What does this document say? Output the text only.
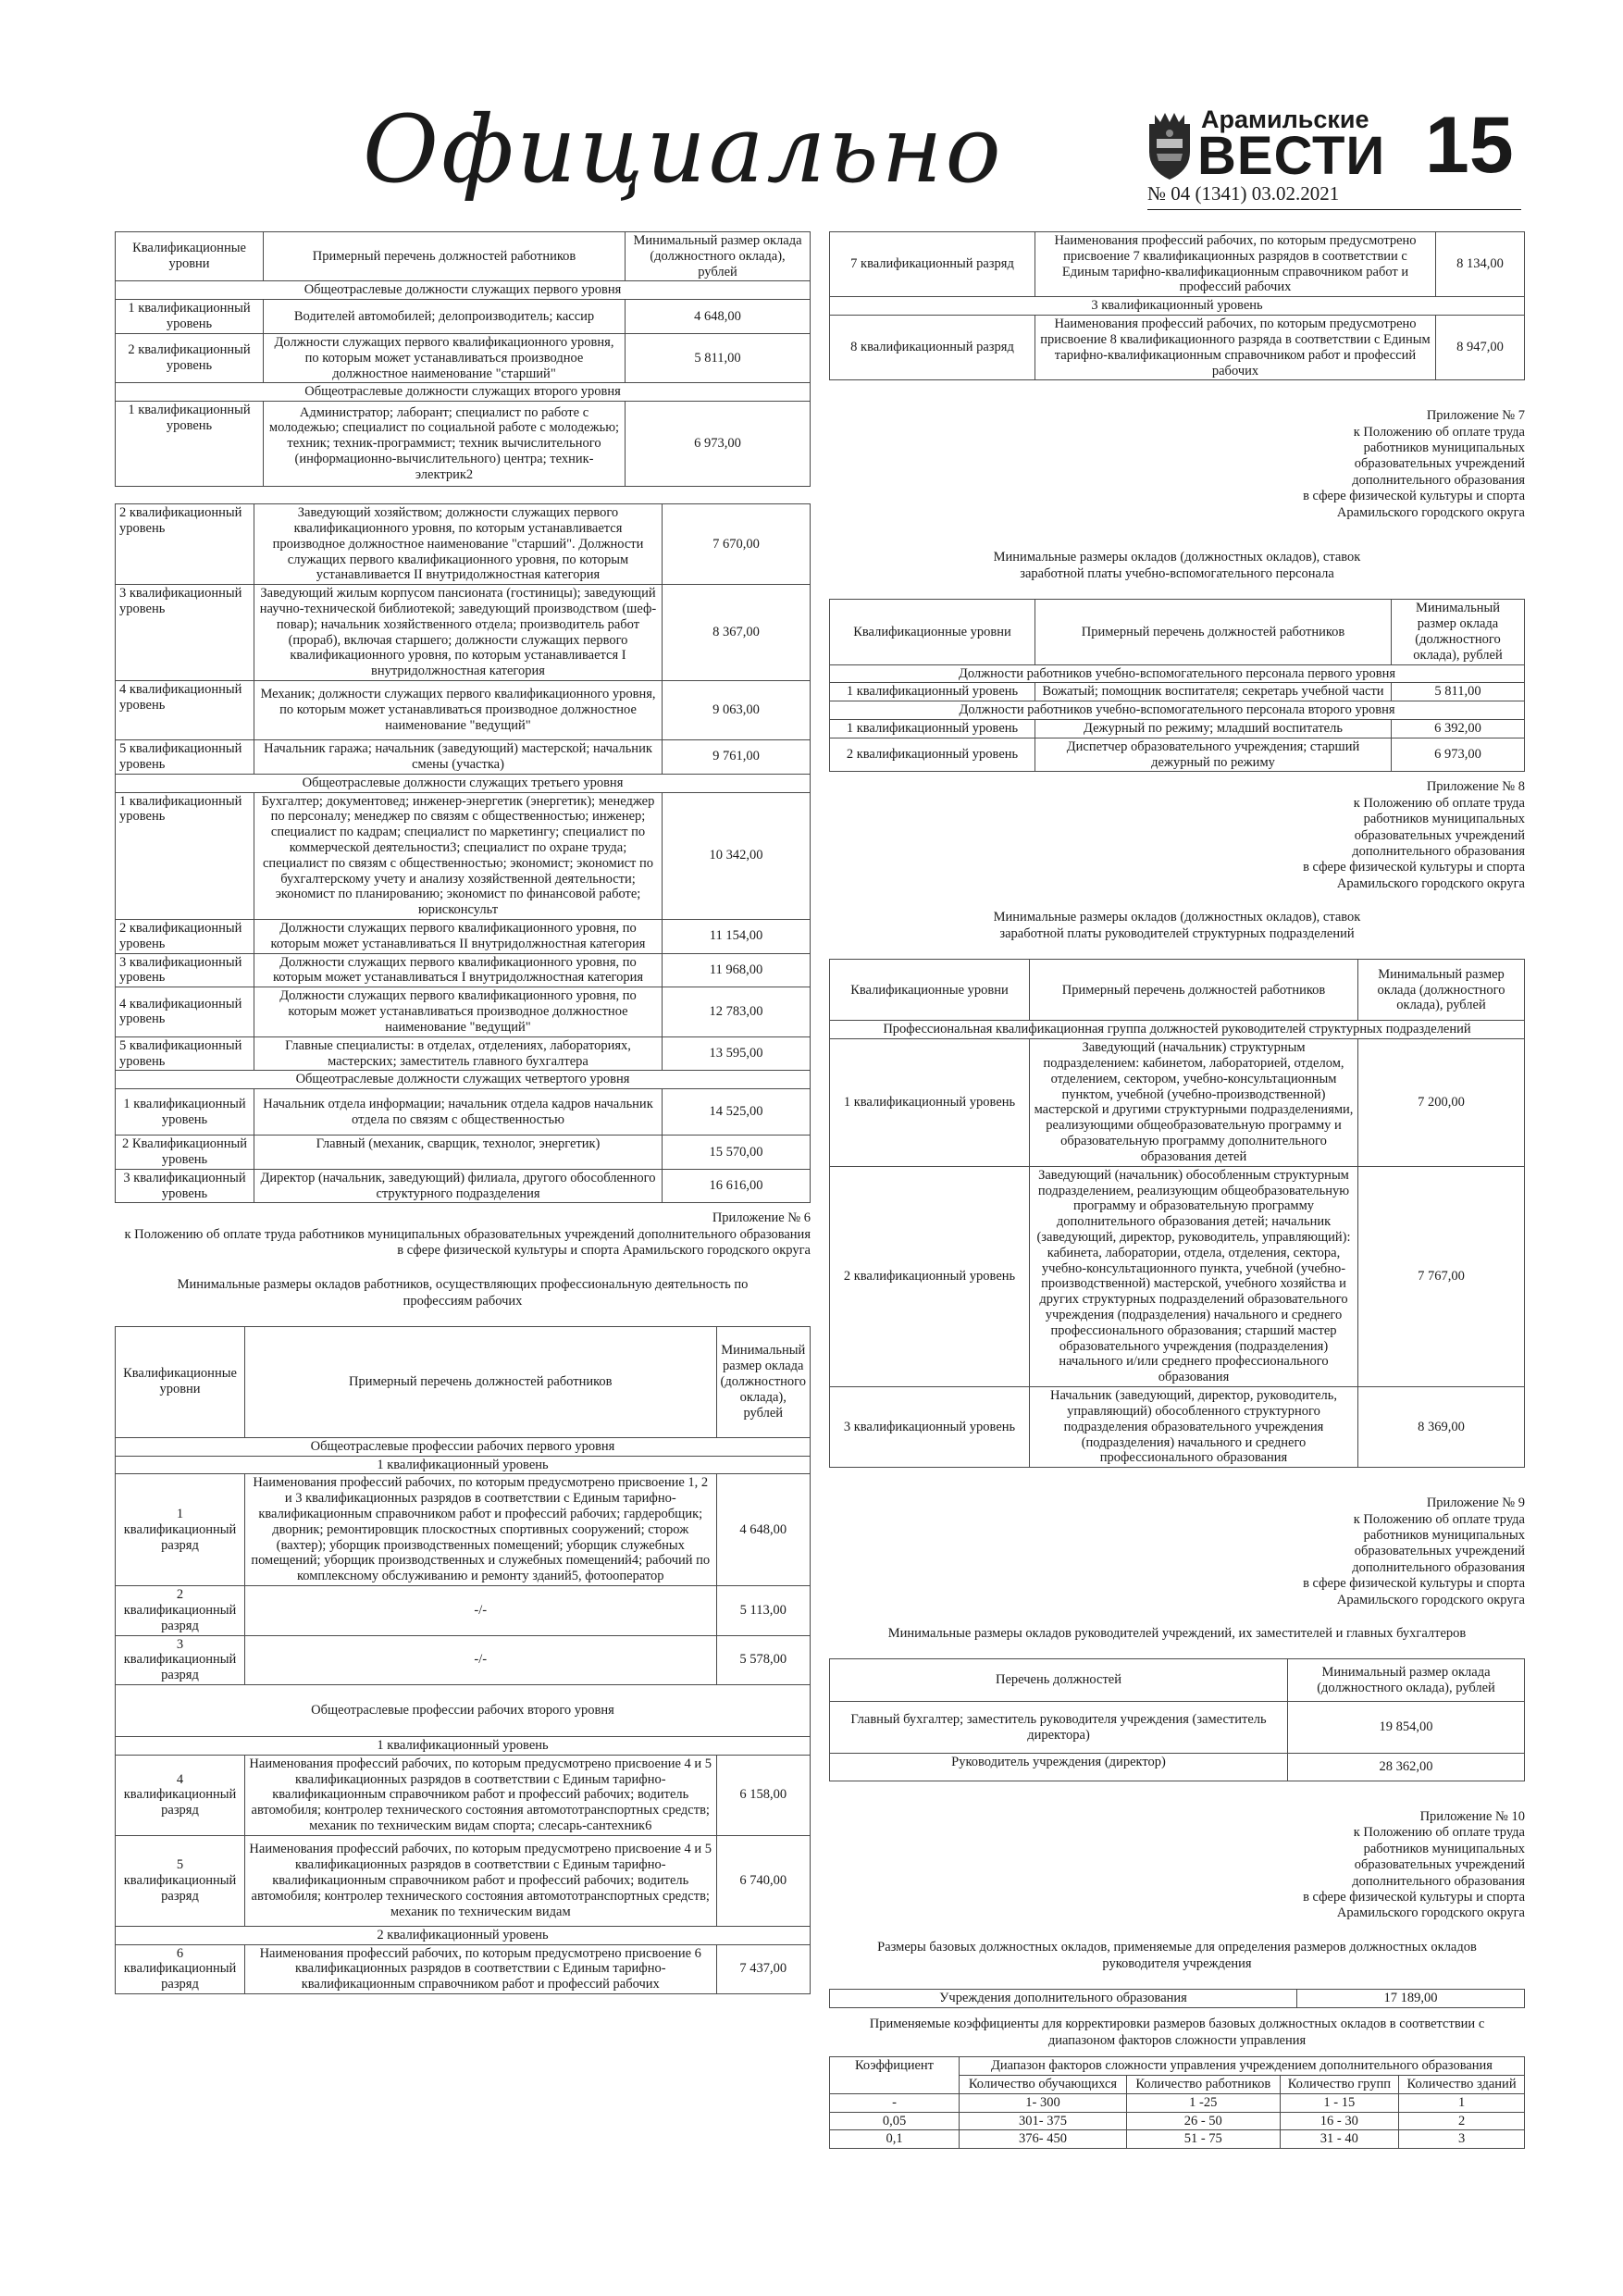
Официально	Арамильские
ВЕСТИ 15
№ 04 (1341) 03.02.2021
Квалификационные уровни	Примерный перечень должностей работников	Минимальный размер оклада (должностного оклада), рублей
Общеотраслевые должности служащих первого уровня		
1 квалификационный уровень	Водителей автомобилей; делопроизводитель; кассир	4 648,00
2 квалификационный уровень	Должности служащих первого квалификационного уровня, по которым может устанавливаться производное должностное наименование "старший"	5 811,00
Общеотраслевые должности служащих второго уровня		
1 квалификационный уровень	Администратор; лаборант; специалист по работе с молодежью; специалист по социальной работе с молодежью; техник; техник-программист; техник вычислительного (информационно-вычислительного) центра; техник-электрик2	6 973,00
2 квалификационный уровень	Заведующий хозяйством; должности служащих первого квалификационного уровня, по которым устанавливается производное должностное наименование "старший". Должности служащих первого квалификационного уровня, по которым устанавливается II внутридолжностная категория	7 670,00
3 квалификационный уровень	Заведующий жилым корпусом пансионата (гостиницы); заведующий научно-технической библиотекой; заведующий производством (шеф-повар); начальник хозяйственного отдела; производитель работ (прораб), включая старшего; должности служащих первого квалификационного уровня, по которым устанавливается I внутридолжностная категория	8 367,00
4 квалификационный уровень	Механик; должности служащих первого квалификационного уровня, по которым может устанавливаться производное должностное наименование "ведущий"	9 063,00
5 квалификационный уровень	Начальник гаража; начальник (заведующий) мастерской; начальник смены (участка)	9 761,00
Общеотраслевые должности служащих третьего уровня		
1 квалификационный уровень	Бухгалтер; документовед; инженер-энергетик (энергетик); менеджер по персоналу; менеджер по связям с общественностью; инженер; специалист по кадрам; специалист по маркетингу; специалист по коммерческой деятельности3; специалист по охране труда; специалист по связям с общественностью; экономист; экономист по бухгалтерскому учету и анализу хозяйственной деятельности; экономист по планированию; экономист по финансовой работе; юрисконсульт	10 342,00
2 квалификационный уровень	Должности служащих первого квалификационного уровня, по которым может устанавливаться II внутридолжностная категория	11 154,00
3 квалификационный уровень	Должности служащих первого квалификационного уровня, по которым может устанавливаться I внутридолжностная категория	11 968,00
4 квалификационный уровень	Должности служащих первого квалификационного уровня, по которым может устанавливаться производное должностное наименование "ведущий"	12 783,00
5 квалификационный уровень	Главные специалисты: в отделах, отделениях, лабораториях, мастерских; заместитель главного бухгалтера	13 595,00
Общеотраслевые должности служащих четвертого уровня		
1 квалификационный уровень	Начальник отдела информации; начальник отдела кадров начальник отдела по связям с общественностью	14 525,00
2 Квалификационный уровень	Главный (механик, сварщик, технолог, энергетик)	15 570,00
3 квалификационный уровень	Директор (начальник, заведующий) филиала, другого обособленного структурного подразделения	16 616,00
Приложение № 6
к Положению об оплате труда работников муниципальных образовательных учреждений дополнительного образования в сфере физической культуры и спорта Арамильского городского округа
Минимальные размеры окладов работников, осуществляющих профессиональную деятельность по профессиям рабочих
Квалификационные уровни	Примерный перечень должностей работников	Минимальный размер оклада (должностного оклада), рублей
Общеотраслевые профессии рабочих первого уровня		
1 квалификационный уровень		
1 квалификационный разряд	Наименования профессий рабочих, по которым предусмотрено присвоение 1, 2 и 3 квалификационных разрядов в соответствии с Единым тарифно-квалификационным справочником работ и профессий рабочих; гардеробщик; дворник; ремонтировщик плоскостных спортивных сооружений; сторож (вахтер); уборщик производственных помещений; уборщик служебных помещений; уборщик производственных и служебных помещений4; рабочий по комплексному обслуживанию и ремонту зданий5, фотооператор	4 648,00
2 квалификационный разряд	-/-	5 113,00
3 квалификационный разряд	-/-	5 578,00
Общеотраслевые профессии рабочих второго уровня		
1 квалификационный уровень		
4 квалификационный разряд	Наименования профессий рабочих, по которым предусмотрено присвоение 4 и 5 квалификационных разрядов в соответствии с Единым тарифно-квалификационным справочником работ и профессий рабочих; водитель автомобиля; контролер технического состояния автомототранспортных средств; механик по техническим видам спорта; слесарь-сантехник6	6 158,00
5 квалификационный разряд	Наименования профессий рабочих, по которым предусмотрено присвоение 4 и 5 квалификационных разрядов в соответствии с Единым тарифно-квалификационным справочником работ и профессий рабочих; водитель автомобиля; контролер технического состояния автомототранспортных средств; механик по техническим видам	6 740,00
2 квалификационный уровень		
6 квалификационный разряд	Наименования профессий рабочих, по которым предусмотрено присвоение 6 квалификационных разрядов в соответствии с Единым тарифно-квалификационным справочником работ и профессий рабочих	7 437,00
7 квалификационный разряд	Наименования профессий рабочих, по которым предусмотрено присвоение 7 квалификационных разрядов в соответствии с Единым тарифно-квалификационным справочником работ и профессий рабочих	8 134,00
3 квалификационный уровень		
8 квалификационный разряд	Наименования профессий рабочих, по которым предусмотрено присвоение 8 квалификационного разряда в соответствии с Единым тарифно-квалификационным справочником работ и профессий рабочих	8 947,00
Приложение № 7
к Положению об оплате труда
работников муниципальных
образовательных учреждений
дополнительного образования
в сфере физической культуры и спорта
Арамильского городского округа
Минимальные размеры окладов (должностных окладов), ставок
заработной платы учебно-вспомогательного персонала
Квалификационные уровни	Примерный перечень должностей работников	Минимальный размер оклада (должностного оклада), рублей
Должности работников учебно-вспомогательного персонала первого уровня		
1 квалификационный уровень	Вожатый; помощник воспитателя; секретарь учебной части	5 811,00
Должности работников учебно-вспомогательного персонала второго уровня		
1 квалификационный уровень	Дежурный по режиму; младший воспитатель	6 392,00
2 квалификационный уровень	Диспетчер образовательного учреждения; старший дежурный по режиму	6 973,00
Приложение № 8
к Положению об оплате труда
работников муниципальных
образовательных учреждений
дополнительного образования
в сфере физической культуры и спорта
Арамильского городского округа
Минимальные размеры окладов (должностных окладов), ставок
заработной платы руководителей структурных подразделений
Квалификационные уровни	Примерный перечень должностей работников	Минимальный размер оклада (должностного оклада), рублей
Профессиональная квалификационная группа должностей руководителей структурных подразделений		
1 квалификационный уровень	Заведующий (начальник) структурным подразделением: кабинетом, лабораторией, отделом, отделением, сектором, учебно-консультационным пунктом, учебной (учебно-производственной) мастерской и другими структурными подразделениями, реализующими общеобразовательную программу и образовательную программу дополнительного образования детей	7 200,00
2 квалификационный уровень	Заведующий (начальник) обособленным структурным подразделением, реализующим общеобразовательную программу и образовательную программу дополнительного образования детей; начальник (заведующий, директор, руководитель, управляющий): кабинета, лаборатории, отдела, отделения, сектора, учебно-консультационного пункта, учебной (учебно-производственной) мастерской, учебного хозяйства и других структурных подразделений образовательного учреждения (подразделения) начального и среднего профессионального образования; старший мастер образовательного учреждения (подразделения) начального и/или среднего профессионального образования	7 767,00
3 квалификационный уровень	Начальник (заведующий, директор, руководитель, управляющий) обособленного структурного подразделения образовательного учреждения (подразделения) начального и среднего профессионального образования	8 369,00
Приложение № 9
к Положению об оплате труда
работников муниципальных
образовательных учреждений
дополнительного образования
в сфере физической культуры и спорта
Арамильского городского округа
Минимальные размеры окладов руководителей учреждений, их заместителей и главных бухгалтеров
Перечень должностей	Минимальный размер оклада (должностного оклада), рублей
Главный бухгалтер; заместитель руководителя учреждения (заместитель директора)	19 854,00
Руководитель учреждения (директор)	28 362,00
Приложение № 10
к Положению об оплате труда
работников муниципальных
образовательных учреждений
дополнительного образования
в сфере физической культуры и спорта
Арамильского городского округа
Размеры базовых должностных окладов, применяемые для определения размеров должностных окладов руководителя учреждения
Учреждения дополнительного образования	17 189,00
Применяемые коэффициенты для корректировки размеров базовых должностных окладов в соответствии с диапазоном факторов сложности управления
Коэффициент	Диапазон факторов сложности управления учреждением дополнительного образования			
	Количество обучающихся	Количество работников	Количество групп	Количество зданий
-	1- 300	1 -25	1 - 15	1
0,05	301- 375	26 - 50	16 - 30	2
0,1	376- 450	51 - 75	31 - 40	3
